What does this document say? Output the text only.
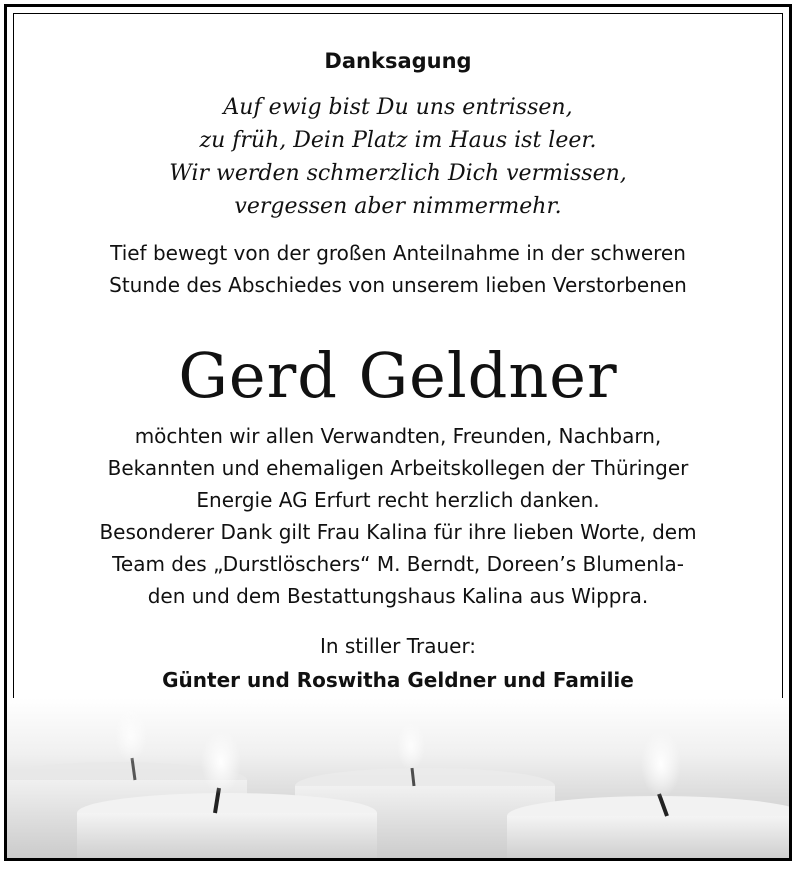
Danksagung
Auf ewig bist Du uns entrissen,
zu früh, Dein Platz im Haus ist leer.
Wir werden schmerzlich Dich vermissen,
vergessen aber nimmermehr.
Tief bewegt von der großen Anteilnahme in der schweren
Stunde des Abschiedes von unserem lieben Verstorbenen
Gerd Geldner
möchten wir allen Verwandten, Freunden, Nachbarn,
Bekannten und ehemaligen Arbeitskollegen der Thüringer
Energie AG Erfurt recht herzlich danken.
Besonderer Dank gilt Frau Kalina für ihre lieben Worte, dem
Team des „Durstlöschers“ M. Berndt, Doreen’s Blumenla-
den und dem Bestattungshaus Kalina aus Wippra.
In stiller Trauer:
Günter und Roswitha Geldner und Familie
